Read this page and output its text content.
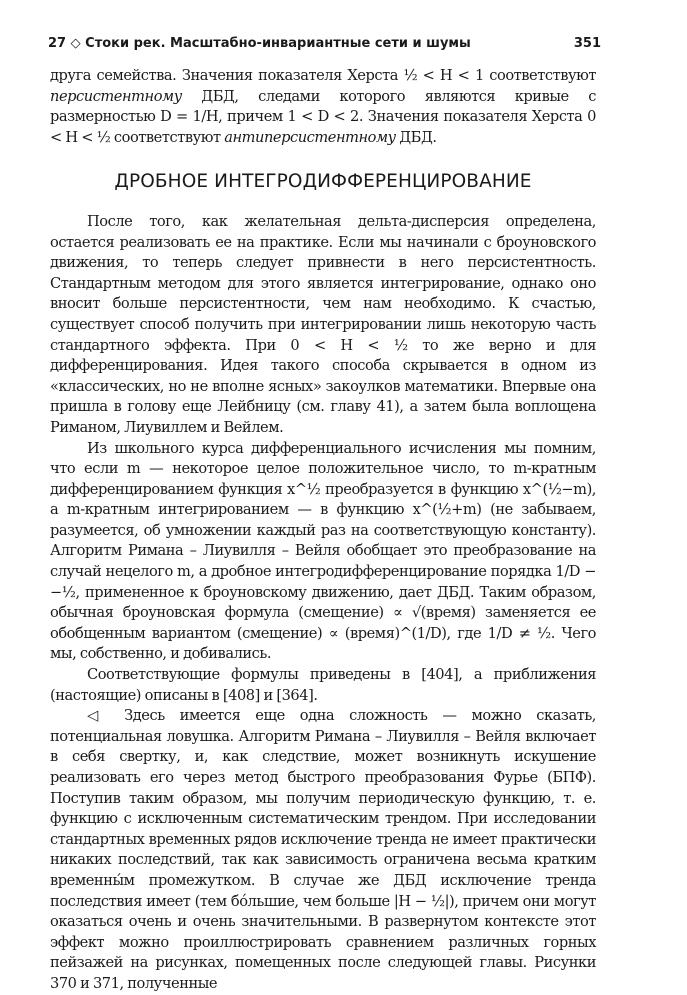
27 ◇ Стоки рек. Масштабно-инвариантные сети и шумы	351

друга семейства. Значения показателя Херста ½ < H < 1 соответствуют персистентному ДБД, следами которого являются кривые с размерностью D = 1/H, причем 1 < D < 2. Значения показателя Херста 0 < H < ½ соответствуют антиперсистентному ДБД.

ДРОБНОЕ ИНТЕГРОДИФФЕРЕНЦИРОВАНИЕ

После того, как желательная дельта-дисперсия определена, остается реализовать ее на практике. Если мы начинали с броуновского движения, то теперь следует привнести в него персистентность. Стандартным методом для этого является интегрирование, однако оно вносит больше персистентности, чем нам необходимо. К счастью, существует способ получить при интегрировании лишь некоторую часть стандартного эффекта. При 0 < H < ½ то же верно и для дифференцирования. Идея такого способа скрывается в одном из «классических, но не вполне ясных» закоулков математики. Впервые она пришла в голову еще Лейбницу (см. главу 41), а затем была воплощена Риманом, Лиувиллем и Вейлем.

Из школьного курса дифференциального исчисления мы помним, что если m — некоторое целое положительное число, то m-кратным дифференцированием функция x^½ преобразуется в функцию x^(½−m), а m-кратным интегрированием — в функцию x^(½+m) (не забываем, разумеется, об умножении каждый раз на соответствующую константу). Алгоритм Римана – Лиувилля – Вейля обобщает это преобразование на случай нецелого m, а дробное интегродифференцирование порядка 1/D − −½, примененное к броуновскому движению, дает ДБД. Таким образом, обычная броуновская формула (смещение) ∝ √(время) заменяется ее обобщенным вариантом (смещение) ∝ (время)^(1/D), где 1/D ≠ ½. Чего мы, собственно, и добивались.

Соответствующие формулы приведены в [404], а приближения (настоящие) описаны в [408] и [364].

◁ Здесь имеется еще одна сложность — можно сказать, потенциальная ловушка. Алгоритм Римана – Лиувилля – Вейля включает в себя свертку, и, как следствие, может возникнуть искушение реализовать его через метод быстрого преобразования Фурье (БПФ). Поступив таким образом, мы получим периодическую функцию, т. е. функцию с исключенным систематическим трендом. При исследовании стандартных временных рядов исключение тренда не имеет практически никаких последствий, так как зависимость ограничена весьма кратким временны́м промежутком. В случае же ДБД исключение тренда последствия имеет (тем бóльшие, чем больше |H − ½|), причем они могут оказаться очень и очень значительными. В развернутом контексте этот эффект можно проиллюстрировать сравнением различных горных пейзажей на рисунках, помещенных после следующей главы. Рисунки 370 и 371, полученные
